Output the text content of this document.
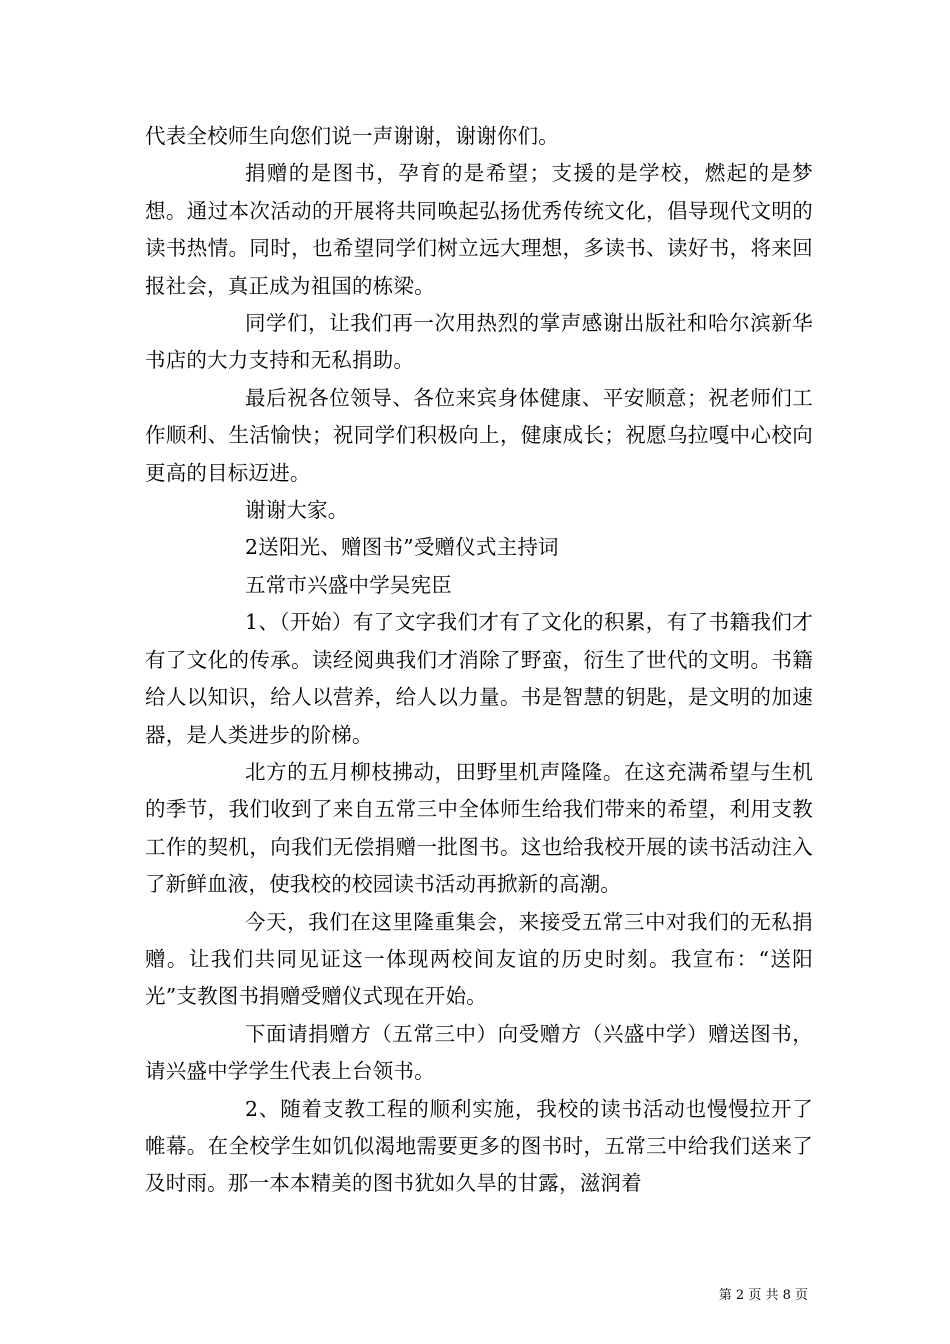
代表全校师生向您们说一声谢谢，谢谢你们。

捐赠的是图书，孕育的是希望；支援的是学校，燃起的是梦想。通过本次活动的开展将共同唤起弘扬优秀传统文化，倡导现代文明的读书热情。同时，也希望同学们树立远大理想，多读书、读好书，将来回报社会，真正成为祖国的栋梁。

同学们，让我们再一次用热烈的掌声感谢出版社和哈尔滨新华书店的大力支持和无私捐助。

最后祝各位领导、各位来宾身体健康、平安顺意；祝老师们工作顺利、生活愉快；祝同学们积极向上，健康成长；祝愿乌拉嘎中心校向更高的目标迈进。

谢谢大家。

2送阳光、赠图书”受赠仪式主持词

五常市兴盛中学吴宪臣

1、（开始）有了文字我们才有了文化的积累，有了书籍我们才有了文化的传承。读经阅典我们才消除了野蛮，衍生了世代的文明。书籍给人以知识，给人以营养，给人以力量。书是智慧的钥匙，是文明的加速器，是人类进步的阶梯。

北方的五月柳枝拂动，田野里机声隆隆。在这充满希望与生机的季节，我们收到了来自五常三中全体师生给我们带来的希望，利用支教工作的契机，向我们无偿捐赠一批图书。这也给我校开展的读书活动注入了新鲜血液，使我校的校园读书活动再掀新的高潮。

今天，我们在这里隆重集会，来接受五常三中对我们的无私捐赠。让我们共同见证这一体现两校间友谊的历史时刻。我宣布：“送阳光”支教图书捐赠受赠仪式现在开始。

下面请捐赠方（五常三中）向受赠方（兴盛中学）赠送图书，请兴盛中学学生代表上台领书。

2、随着支教工程的顺利实施，我校的读书活动也慢慢拉开了帷幕。在全校学生如饥似渴地需要更多的图书时，五常三中给我们送来了及时雨。那一本本精美的图书犹如久旱的甘露，滋润着

第 2 页 共 8 页
